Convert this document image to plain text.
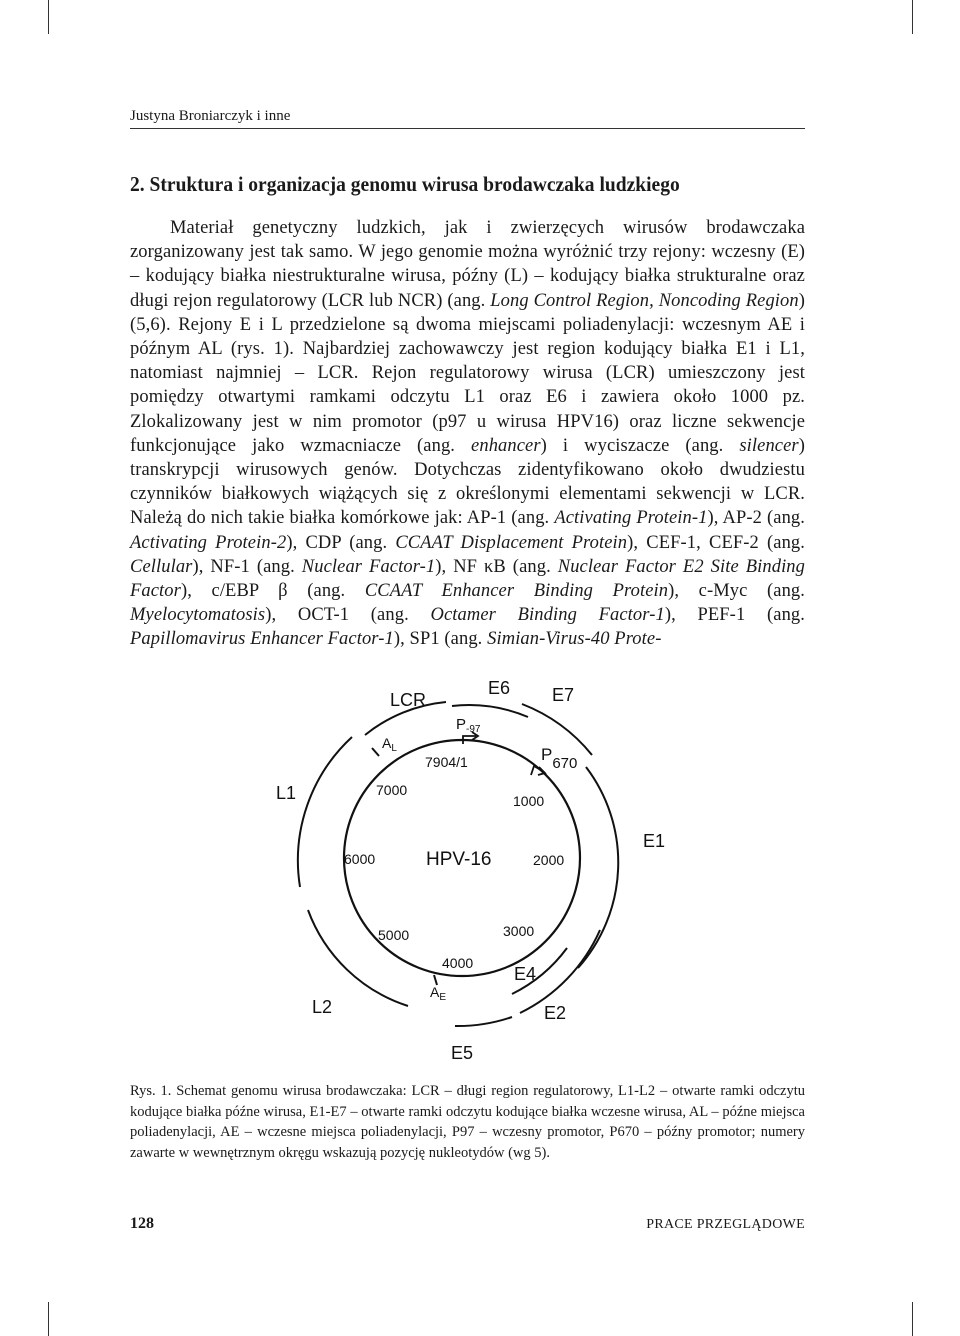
Justyna Broniarczyk i inne
2. Struktura i organizacja genomu wirusa brodawczaka ludzkiego

Materiał genetyczny ludzkich, jak i zwierzęcych wirusów brodawczaka zorganizowany jest tak samo. W jego genomie można wyróżnić trzy rejony: wczesny (E) – kodujący białka niestrukturalne wirusa, późny (L) – kodujący białka strukturalne oraz długi rejon regulatorowy (LCR lub NCR) (ang. Long Control Region, Noncoding Region) (5,6). Rejony E i L przedzielone są dwoma miejscami poliadenylacji: wczesnym AE i późnym AL (rys. 1). Najbardziej zachowawczy jest region kodujący białka E1 i L1, natomiast najmniej – LCR. Rejon regulatorowy wirusa (LCR) umieszczony jest pomiędzy otwartymi ramkami odczytu L1 oraz E6 i zawiera około 1000 pz. Zlokalizowany jest w nim promotor (p97 u wirusa HPV16) oraz liczne sekwencje funkcjonujące jako wzmacniacze (ang. enhancer) i wyciszacze (ang. silencer) transkrypcji wirusowych genów. Dotychczas zidentyfikowano około dwudziestu czynników białkowych wiążących się z określonymi elementami sekwencji w LCR. Należą do nich takie białka komórkowe jak: AP-1 (ang. Activating Protein-1), AP-2 (ang. Activating Protein-2), CDP (ang. CCAAT Displacement Protein), CEF-1, CEF-2 (ang. Cellular), NF-1 (ang. Nuclear Factor-1), NF κB (ang. Nuclear Factor E2 Site Binding Factor), c/EBP β (ang. CCAAT Enhancer Binding Protein), c-Myc (ang. Myelocytomatosis), OCT-1 (ang. Octamer Binding Factor-1), PEF-1 (ang. Papillomavirus Enhancer Factor-1), SP1 (ang. Simian-Virus-40 Prote-

HPV-16
7904/1
1000
2000
3000
4000
5000
6000
7000
LCR
E6 E7
E1
E2
E4
E5
L1
L2
$P_{-97}$
P670
$A_L$
$A_E$

Rys. 1. Schemat genomu wirusa brodawczaka: LCR – długi region regulatorowy, L1-L2 – otwarte ramki odczytu kodujące białka późne wirusa, E1-E7 – otwarte ramki odczytu kodujące białka wczesne wirusa, AL – późne miejsca poliadenylacji, AE – wczesne miejsca poliadenylacji, P97 – wczesny promotor, P670 – późny promotor; numery zawarte w wewnętrznym okręgu wskazują pozycję nukleotydów (wg 5).

128	PRACE PRZEGLĄDOWE
